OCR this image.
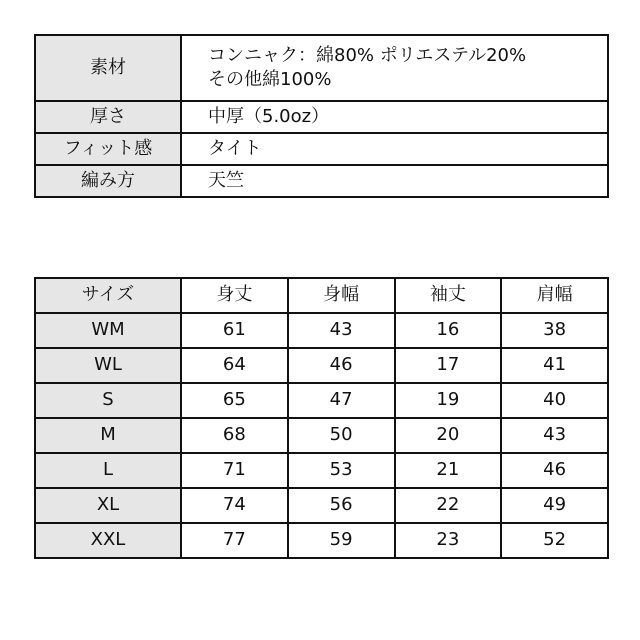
素材	コンニャク：綿80% ポリエステル20%
その他綿100%

厚さ	中厚（5.0oz）

フィット感	タイト

編み方	天竺
サイズ	身丈	身幅	袖丈	肩幅
WM	61	43	16	38
WL	64	46	17	41
S	65	47	19	40
M	68	50	20	43
L	71	53	21	46
XL	74	56	22	49
XXL	77	59	23	52
